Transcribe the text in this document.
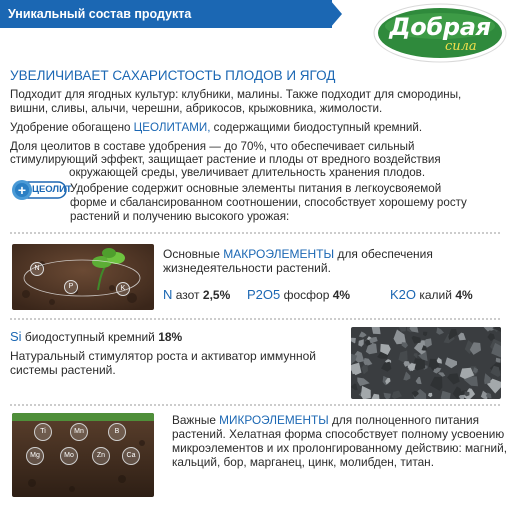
Уникальный состав продукта	Добрая
сила
УВЕЛИЧИВАЕТ САХАРИСТОСТЬ ПЛОДОВ И ЯГОД
Подходит для ягодных культур: клубники, малины. Также подходит для смородины,
вишни, сливы, алычи, черешни, абрикосов, крыжовника, жимолости.
Удобрение обогащено ЦЕОЛИТАМИ, содержащими биодоступный кремний.
Доля цеолитов в составе удобрения — до 70%, что обеспечивает сильный
стимулирующий эффект, защищает растение и плоды от вредного воздействия
окружающей среды, увеличивает длительность хранения плодов.
+ ЦЕОЛИТ
Удобрение содержит основные элементы питания в легкоусвояемой
форме и сбалансированном соотношении, способствует хорошему росту
растений и получению высокого урожая:
N
P	K
Основные МАКРОЭЛЕМЕНТЫ для обеспечения
жизнедеятельности растений.
N азот 2,5% P2O5 фосфор 4%	K2O калий 4%
Si биодоступный кремний 18%
Натуральный стимулятор роста и активатор иммунной
системы растений.
Ti	Mn	B
Mg	Mo	Zn	Ca
Важные МИКРОЭЛЕМЕНТЫ для полноценного питания
растений. Хелатная форма способствует полному усвоению
микроэлементов и их пролонгированному действию: магний,
кальций, бор, марганец, цинк, молибден, титан.
